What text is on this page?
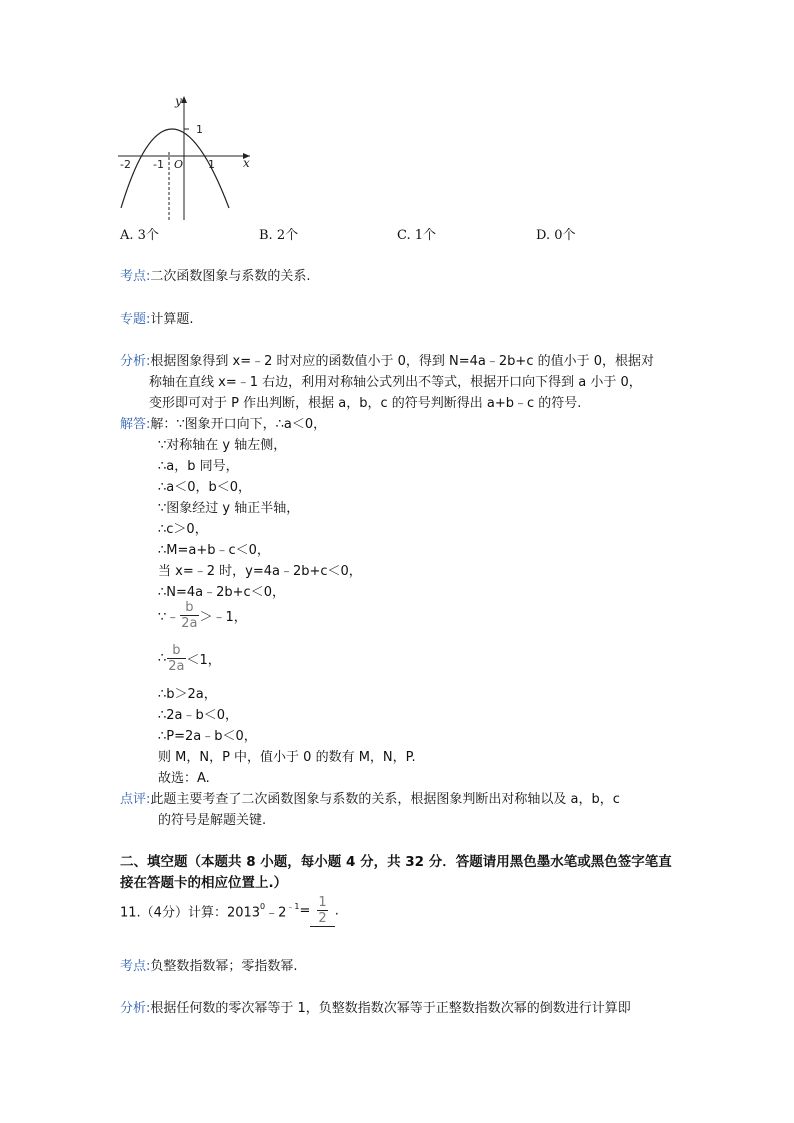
y
x
1
-2 -1 O 1
A. 3个	B. 2个	C. 1个	D. 0个
考点:二次函数图象与系数的关系.
专题:计算题.
分析:根据图象得到 x=﹣2 时对应的函数值小于 0，得到 N=4a﹣2b+c 的值小于 0，根据对
称轴在直线 x=﹣1 右边，利用对称轴公式列出不等式，根据开口向下得到 a 小于 0，
变形即可对于 P 作出判断，根据 a，b，c 的符号判断得出 a+b﹣c 的符号.
解答:解：∵图象开口向下，∴a＜0，
∵对称轴在 y 轴左侧，
∴a，b 同号，
∴a＜0，b＜0，
∵图象经过 y 轴正半轴，
∴c＞0，
∴M=a+b﹣c＜0，
当 x=﹣2 时，y=4a﹣2b+c＜0，
∴N=4a﹣2b+c＜0，
∵﹣ $\frac{b}{2a}$ ＞﹣1，
∴ $\frac{b}{2a} <1$，
∴b＞2a，
∴2a﹣b＜0，
∴P=2a﹣b＜0，
则 M，N，P 中，值小于 0 的数有 M，N，P.
故选：A.
点评:此题主要考查了二次函数图象与系数的关系，根据图象判断出对称轴以及 a，b，c
的符号是解题关键.
二、填空题（本题共 8 小题，每小题 4 分，共 32 分．答题请用黑色墨水笔或黑色签字笔直
接在答题卡的相应位置上.）
11.（4分）计算：$2013^0﹣2^{﹣1}= \frac{1}{2}$ .
考点:负整数指数幂；零指数幂.
分析:根据任何数的零次幂等于 1，负整数指数次幂等于正整数指数次幂的倒数进行计算即
